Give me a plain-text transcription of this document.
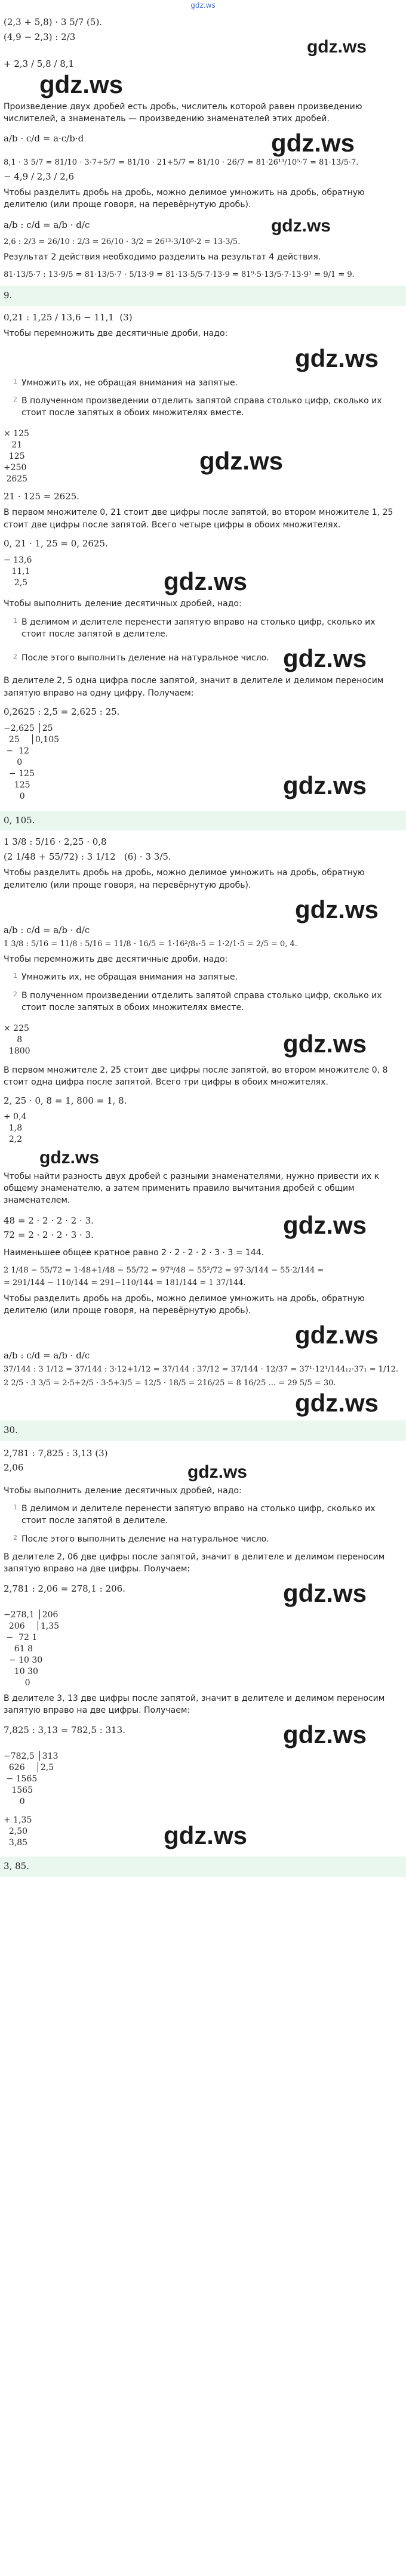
gdz.ws
(2,3 + 5,8) · 3 5/7 (5).
(4,9 − 2,3) : 2/3
gdz.ws
+ 2,3 / 5,8 / 8,1
gdz.ws
Произведение двух дробей есть дробь, числитель которой равен произведению числителей, а знаменатель — произведению знаменателей этих дробей.
a/b · c/d = a·c/b·d	gdz.ws
8,1 · 3 5/7 = 81/10 · 3·7+5/7 = 81/10 · 21+5/7 = 81/10 · 26/7 = 81·26¹³/10⁵·7 = 81·13/5·7.
− 4,9 / 2,3 / 2,6
Чтобы разделить дробь на дробь, можно делимое умножить на дробь, обратную делителю (или проще говоря, на перевёрнутую дробь).
a/b : c/d = a/b · d/c	gdz.ws
2,6 : 2/3 = 26/10 : 2/3 = 26/10 · 3/2 = 26¹³·3/10⁵·2 = 13·3/5.
Результат 2 действия необходимо разделить на результат 4 действия.
81·13/5·7 : 13·9/5 = 81·13/5·7 · 5/13·9 = 81·13·5/5·7·13·9 = 81⁹·5·13/5·7·13·9¹ = 9/1 = 9.
9.
0,21 : 1,25 / 13,6 − 11,1  (3)
Чтобы перемножить две десятичные дроби, надо:
gdz.ws
1 Умножить их, не обращая внимания на запятые.
2 В полученном произведении отделить запятой справа столько цифр, сколько их стоит после запятых в обоих множителях вместе.
× 125
21
125
+250
2625
gdz.ws
21 · 125 = 2625.
В первом множителе 0, 21 стоит две цифры после запятой, во втором множителе 1, 25 стоит две цифры после запятой. Всего четыре цифры в обоих множителях.
0, 21 · 1, 25 = 0, 2625.
− 13,6
11,1
2,5	gdz.ws
Чтобы выполнить деление десятичных дробей, надо:
1 В делимом и делителе перенести запятую вправо на столько цифр, сколько их стоит после запятой в делителе.
2 После этого выполнить деление на натуральное число. gdz.ws
В делителе 2, 5 одна цифра после запятой, значит в делителе и делимом переносим запятую вправо на одну цифру. Получаем:
0,2625 : 2,5 = 2,625 : 25.
−2,625 │25
25    │0,105
−  12
0
− 125
125
0	gdz.ws
0, 105.
1 3/8 : 5/16 · 2,25 · 0,8
(2 1/48 + 55/72) : 3 1/12   (6) · 3 3/5.
Чтобы разделить дробь на дробь, можно делимое умножить на дробь, обратную делителю (или проще говоря, на перевёрнутую дробь).
gdz.ws
a/b : c/d = a/b · d/c
1 3/8 : 5/16 = 11/8 : 5/16 = 11/8 · 16/5 = 1·16²/8₁·5 = 1·2/1·5 = 2/5 = 0, 4.
Чтобы перемножить две десятичные дроби, надо:
1 Умножить их, не обращая внимания на запятые.
2 В полученном произведении отделить запятой справа столько цифр, сколько их стоит после запятых в обоих множителях вместе.
× 225
8
1800	gdz.ws
В первом множителе 2, 25 стоит две цифры после запятой, во втором множителе 0, 8 стоит одна цифра после запятой. Всего три цифры в обоих множителях.
2, 25 · 0, 8 = 1, 800 = 1, 8.
+ 0,4
1,8
2,2
gdz.ws
Чтобы найти разность двух дробей с разными знаменателями, нужно привести их к общему знаменателю, а затем применить правило вычитания дробей с общим знаменателем.
48 = 2 · 2 · 2 · 2 · 3.
72 = 2 · 2 · 2 · 3 · 3.	gdz.ws
Наименьшее общее кратное равно 2 · 2 · 2 · 2 · 3 · 3 = 144.
2 1/48 − 55/72 = 1·48+1/48 − 55/72 = 97³/48 − 55²/72 = 97·3/144 − 55·2/144 =
= 291/144 − 110/144 = 291−110/144 = 181/144 = 1 37/144.
Чтобы разделить дробь на дробь, можно делимое умножить на дробь, обратную делителю (или проще говоря, на перевёрнутую дробь).
gdz.ws
a/b : c/d = a/b · d/c
37/144 : 3 1/12 = 37/144 : 3·12+1/12 = 37/144 : 37/12 = 37/144 · 12/37 = 37¹·12¹/144₁₂·37₁ = 1/12.
2 2/5 · 3 3/5 = 2·5+2/5 · 3·5+3/5 = 12/5 · 18/5 = 216/25 = 8 16/25 ... = 29 5/5 = 30.
gdz.ws
30.
2,781 : 7,825 : 3,13 (3)
2,06	gdz.ws
Чтобы выполнить деление десятичных дробей, надо:
1 В делимом и делителе перенести запятую вправо на столько цифр, сколько их стоит после запятой в делителе.
2 После этого выполнить деление на натуральное число.
В делителе 2, 06 две цифры после запятой, значит в делителе и делимом переносим запятую вправо на две цифры. Получаем:
2,781 : 2,06 = 278,1 : 206.	gdz.ws
−278,1 │206
206    │1,35
−  72 1
61 8
− 10 30
10 30
0
В делителе 3, 13 две цифры после запятой, значит в делителе и делимом переносим запятую вправо на две цифры. Получаем:
7,825 : 3,13 = 782,5 : 313.	gdz.ws
−782,5 │313
626    │2,5
− 1565
1565
0
+ 1,35
2,50
3,85	gdz.ws
3, 85.
